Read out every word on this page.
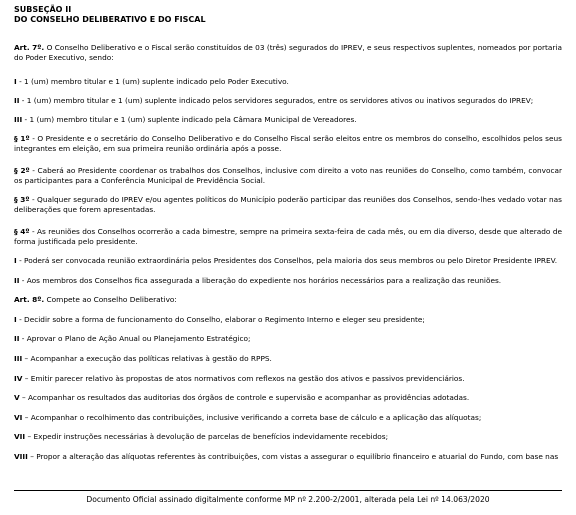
SUBSEÇÃO II
DO CONSELHO DELIBERATIVO E DO FISCAL
Art. 7º. O Conselho Deliberativo e o Fiscal serão constituídos de 03 (três) segurados do IPREV, e seus respectivos suplentes, nomeados por portaria do Poder Executivo, sendo:
I - 1 (um) membro titular e 1 (um) suplente indicado pelo Poder Executivo.
II - 1 (um) membro titular e 1 (um) suplente indicado pelos servidores segurados, entre os servidores ativos ou inativos segurados do IPREV;
III - 1 (um) membro titular e 1 (um) suplente indicado pela Câmara Municipal de Vereadores.
§ 1º - O Presidente e o secretário do Conselho Deliberativo e do Conselho Fiscal serão eleitos entre os membros do conselho, escolhidos pelos seus integrantes em eleição, em sua primeira reunião ordinária após a posse.
§ 2º - Caberá ao Presidente coordenar os trabalhos dos Conselhos, inclusive com direito a voto nas reuniões do Conselho, como também, convocar os participantes para a Conferência Municipal de Previdência Social.
§ 3º - Qualquer segurado do IPREV e/ou agentes políticos do Município poderão participar das reuniões dos Conselhos, sendo-lhes vedado votar nas deliberações que forem apresentadas.
§ 4º - As reuniões dos Conselhos ocorrerão a cada bimestre, sempre na primeira sexta-feira de cada mês, ou em dia diverso, desde que alterado de forma justificada pelo presidente.
I - Poderá ser convocada reunião extraordinária pelos Presidentes dos Conselhos, pela maioria dos seus membros ou pelo Diretor Presidente IPREV.
II - Aos membros dos Conselhos fica assegurada a liberação do expediente nos horários necessários para a realização das reuniões.
Art. 8º. Compete ao Conselho Deliberativo:
I - Decidir sobre a forma de funcionamento do Conselho, elaborar o Regimento Interno e eleger seu presidente;
II - Aprovar o Plano de Ação Anual ou Planejamento Estratégico;
III – Acompanhar a execução das políticas relativas à gestão do RPPS.
IV – Emitir parecer relativo às propostas de atos normativos com reflexos na gestão dos ativos e passivos previdenciários.
V – Acompanhar os resultados das auditorias dos órgãos de controle e supervisão e acompanhar as providências adotadas.
VI – Acompanhar o recolhimento das contribuições, inclusive verificando a correta base de cálculo e a aplicação das alíquotas;
VII – Expedir instruções necessárias à devolução de parcelas de benefícios indevidamente recebidos;
VIII – Propor a alteração das alíquotas referentes às contribuições, com vistas a assegurar o equilíbrio financeiro e atuarial do Fundo, com base nas
Documento Oficial assinado digitalmente conforme MP nº 2.200-2/2001, alterada pela Lei nº 14.063/2020
